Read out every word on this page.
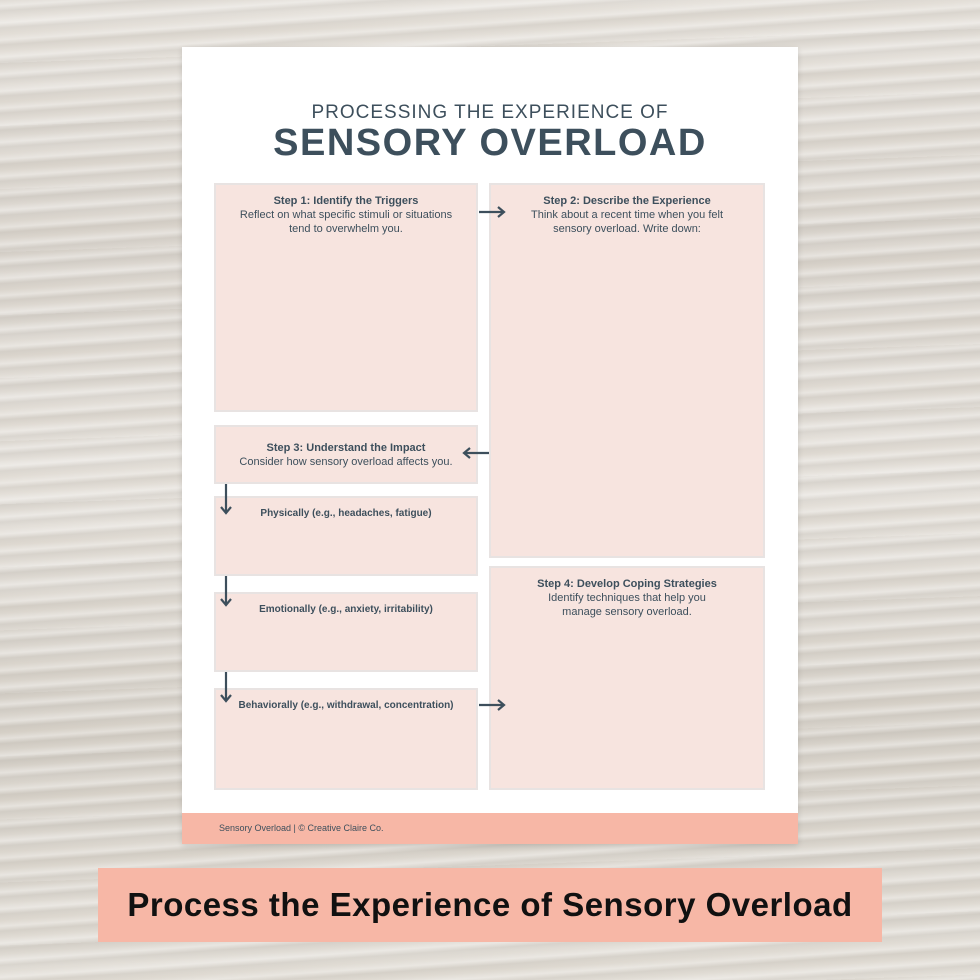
PROCESSING THE EXPERIENCE OF
SENSORY OVERLOAD
Step 1: Identify the Triggers
Reflect on what specific stimuli or situations tend to overwhelm you.
Step 2: Describe the Experience
Think about a recent time when you felt sensory overload. Write down:
Step 3: Understand the Impact
Consider how sensory overload affects you.
Physically (e.g., headaches, fatigue)
Emotionally (e.g., anxiety, irritability)
Behaviorally (e.g., withdrawal, concentration)
Step 4: Develop Coping Strategies
Identify techniques that help you manage sensory overload.
Sensory Overload | © Creative Claire Co.
Process the Experience of Sensory Overload
